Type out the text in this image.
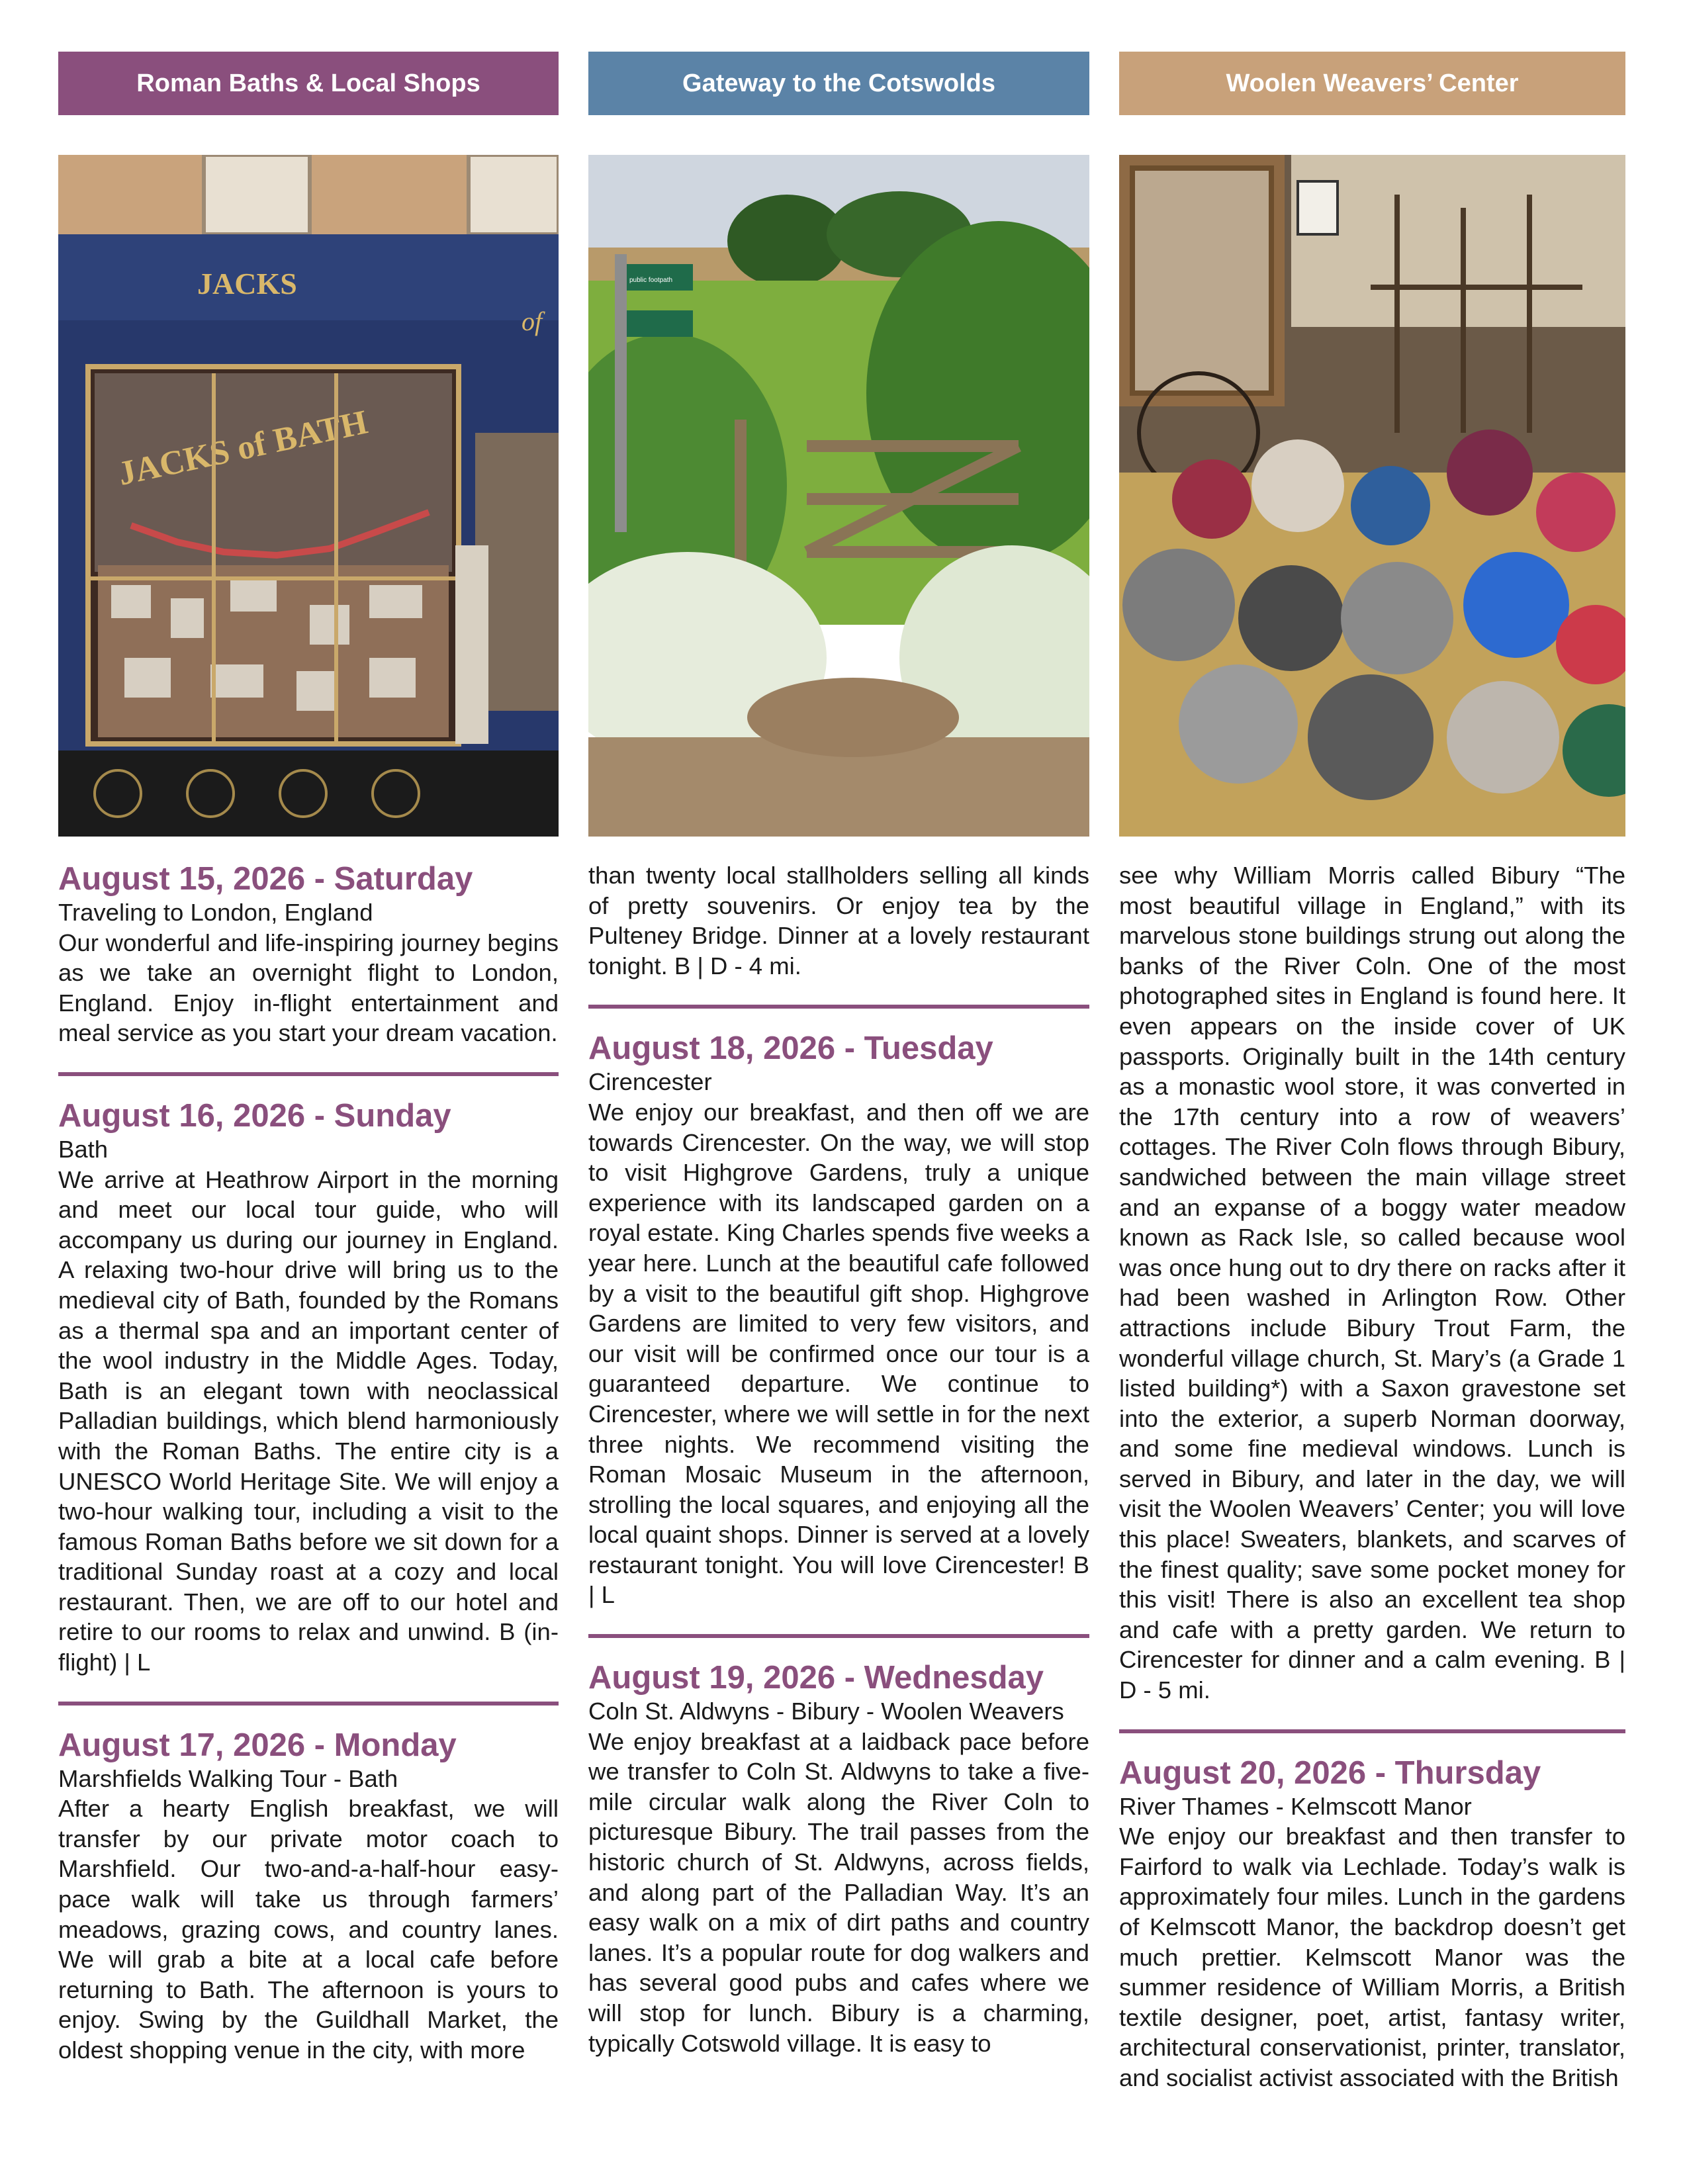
Roman Baths & Local Shops	Gateway to the Cotswolds	Woolen Weavers’ Center
JACKS
of
JACKS of BATH
public footpath
August 15, 2026 - Saturday
Traveling to London, England

Our wonderful and life-inspiring journey begins as we take an overnight flight to London, England. Enjoy in-flight entertainment and meal service as you start your dream vacation.

August 16, 2026 - Sunday
Bath

We arrive at Heathrow Airport in the morning and meet our local tour guide, who will accompany us during our journey in England. A relaxing two-hour drive will bring us to the medieval city of Bath, founded by the Romans as a thermal spa and an important center of the wool industry in the Middle Ages. Today, Bath is an elegant town with neoclassical Palladian buildings, which blend harmoniously with the Roman Baths. The entire city is a UNESCO World Heritage Site. We will enjoy a two-hour walking tour, including a visit to the famous Roman Baths before we sit down for a traditional Sunday roast at a cozy and local restaurant. Then, we are off to our hotel and retire to our rooms to relax and unwind. B (in-flight) | L

August 17, 2026 - Monday
Marshfields Walking Tour - Bath

After a hearty English breakfast, we will transfer by our private motor coach to Marshfield. Our two-and-a-half-hour easy-pace walk will take us through farmers’ meadows, grazing cows, and country lanes. We will grab a bite at a local cafe before returning to Bath. The afternoon is yours to enjoy. Swing by the Guildhall Market, the oldest shopping venue in the city, with more

than twenty local stallholders selling all kinds of pretty souvenirs. Or enjoy tea by the Pulteney Bridge. Dinner at a lovely restaurant tonight. B | D - 4 mi.

August 18, 2026 - Tuesday
Cirencester

We enjoy our breakfast, and then off we are towards Cirencester. On the way, we will stop to visit Highgrove Gardens, truly a unique experience with its landscaped garden on a royal estate. King Charles spends five weeks a year here. Lunch at the beautiful cafe followed by a visit to the beautiful gift shop. Highgrove Gardens are limited to very few visitors, and our visit will be confirmed once our tour is a guaranteed departure. We continue to Cirencester, where we will settle in for the next three nights. We recommend visiting the Roman Mosaic Museum in the afternoon, strolling the local squares, and enjoying all the local quaint shops. Dinner is served at a lovely restaurant tonight. You will love Cirencester! B | L

August 19, 2026 - Wednesday
Coln St. Aldwyns - Bibury - Woolen Weavers

We enjoy breakfast at a laidback pace before we transfer to Coln St. Aldwyns to take a five-mile circular walk along the River Coln to picturesque Bibury. The trail passes from the historic church of St. Aldwyns, across fields, and along part of the Palladian Way. It’s an easy walk on a mix of dirt paths and country lanes. It’s a popular route for dog walkers and has several good pubs and cafes where we will stop for lunch. Bibury is a charming, typically Cotswold village. It is easy to

see why William Morris called Bibury “The most beautiful village in England,” with its marvelous stone buildings strung out along the banks of the River Coln. One of the most photographed sites in England is found here. It even appears on the inside cover of UK passports. Originally built in the 14th century as a monastic wool store, it was converted in the 17th century into a row of weavers’ cottages. The River Coln flows through Bibury, sandwiched between the main village street and an expanse of a boggy water meadow known as Rack Isle, so called because wool was once hung out to dry there on racks after it had been washed in Arlington Row. Other attractions include Bibury Trout Farm, the wonderful village church, St. Mary’s (a Grade 1 listed building*) with a Saxon gravestone set into the exterior, a superb Norman doorway, and some fine medieval windows. Lunch is served in Bibury, and later in the day, we will visit the Woolen Weavers’ Center; you will love this place! Sweaters, blankets, and scarves of the finest quality; save some pocket money for this visit! There is also an excellent tea shop and cafe with a pretty garden. We return to Cirencester for dinner and a calm evening. B | D - 5 mi.

August 20, 2026 - Thursday
River Thames - Kelmscott Manor

We enjoy our breakfast and then transfer to Fairford to walk via Lechlade. Today’s walk is approximately four miles. Lunch in the gardens of Kelmscott Manor, the backdrop doesn’t get much prettier. Kelmscott Manor was the summer residence of William Morris, a British textile designer, poet, artist, fantasy writer, architectural conservationist, printer, translator, and socialist activist associated with the British
